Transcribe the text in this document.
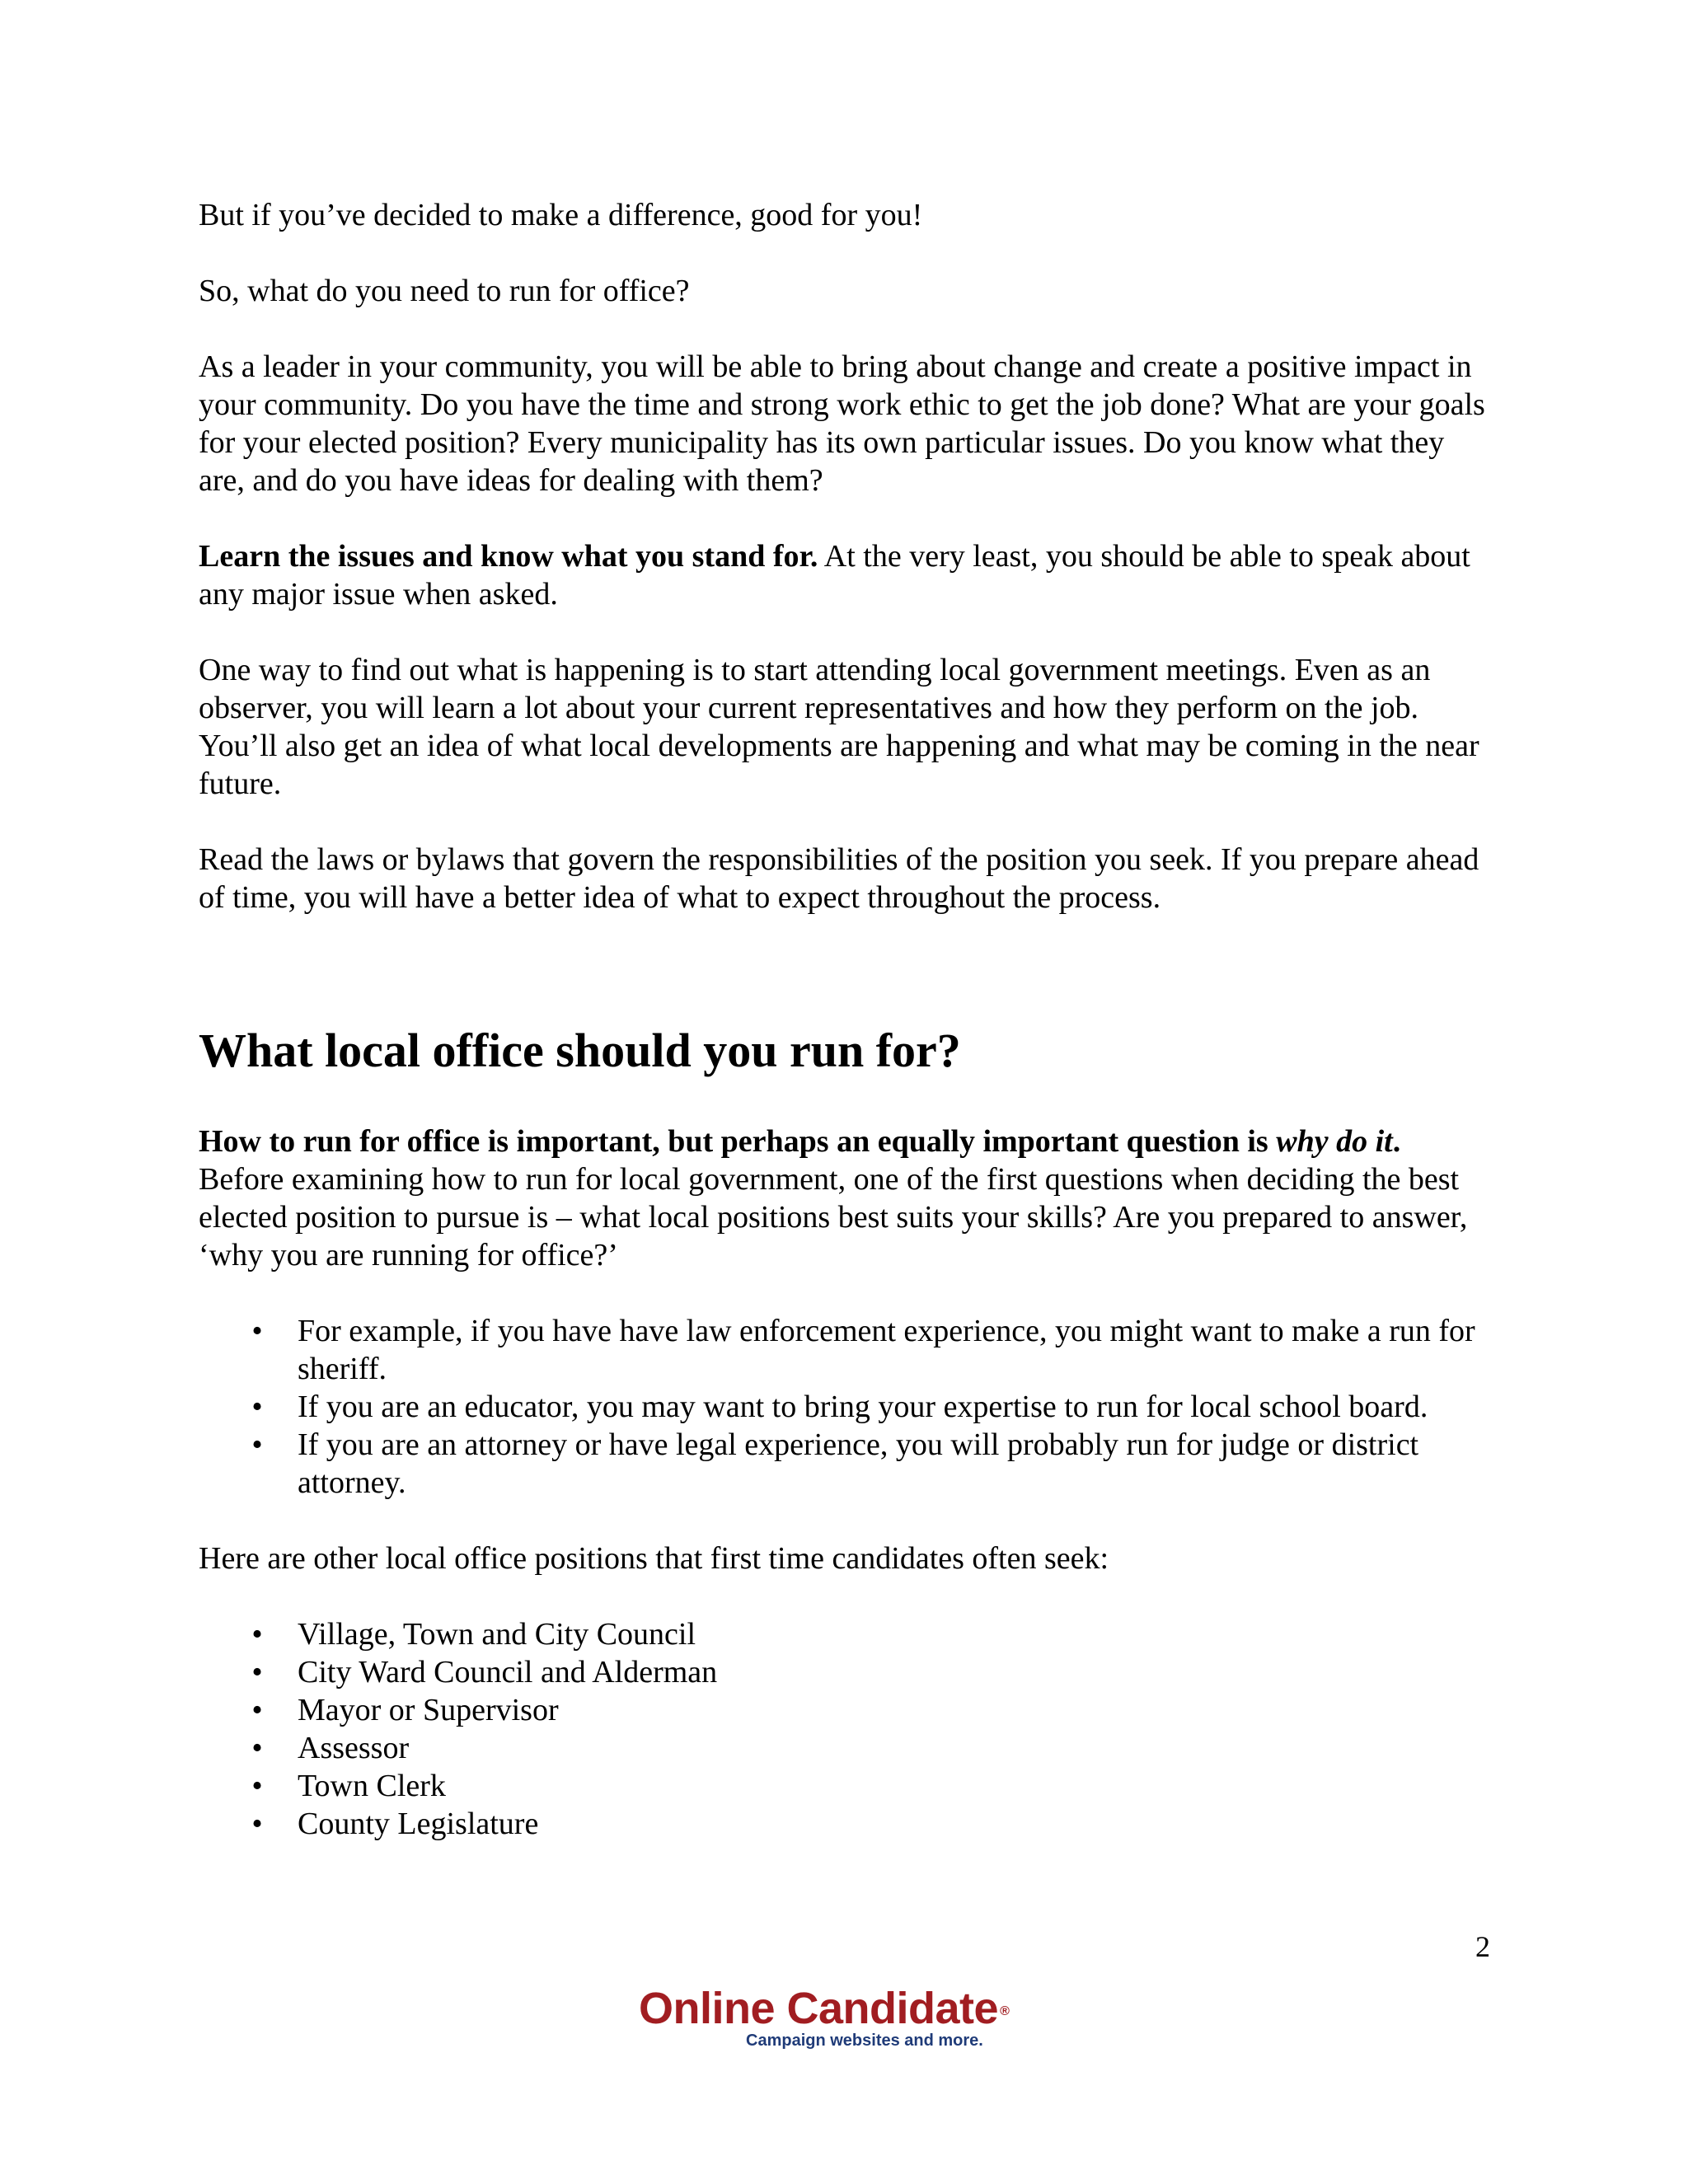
But if you’ve decided to make a difference, good for you!

So, what do you need to run for office?

As a leader in your community, you will be able to bring about change and create a positive impact in your community. Do you have the time and strong work ethic to get the job done? What are your goals for your elected position? Every municipality has its own particular issues. Do you know what they are, and do you have ideas for dealing with them?

Learn the issues and know what you stand for. At the very least, you should be able to speak about any major issue when asked.

One way to find out what is happening is to start attending local government meetings. Even as an observer, you will learn a lot about your current representatives and how they perform on the job. You’ll also get an idea of what local developments are happening and what may be coming in the near future.

Read the laws or bylaws that govern the responsibilities of the position you seek. If you prepare ahead of time, you will have a better idea of what to expect throughout the process.

What local office should you run for?

How to run for office is important, but perhaps an equally important question is why do it. Before examining how to run for local government, one of the first questions when deciding the best elected position to pursue is – what local positions best suits your skills? Are you prepared to answer, ‘why you are running for office?’

• For example, if you have have law enforcement experience, you might want to make a run for sheriff.
• If you are an educator, you may want to bring your expertise to run for local school board.
• If you are an attorney or have legal experience, you will probably run for judge or district attorney.

Here are other local office positions that first time candidates often seek:

• Village, Town and City Council
• City Ward Council and Alderman
• Mayor or Supervisor
• Assessor
• Town Clerk
• County Legislature
2
Online Candidate ®
Campaign websites and more.
